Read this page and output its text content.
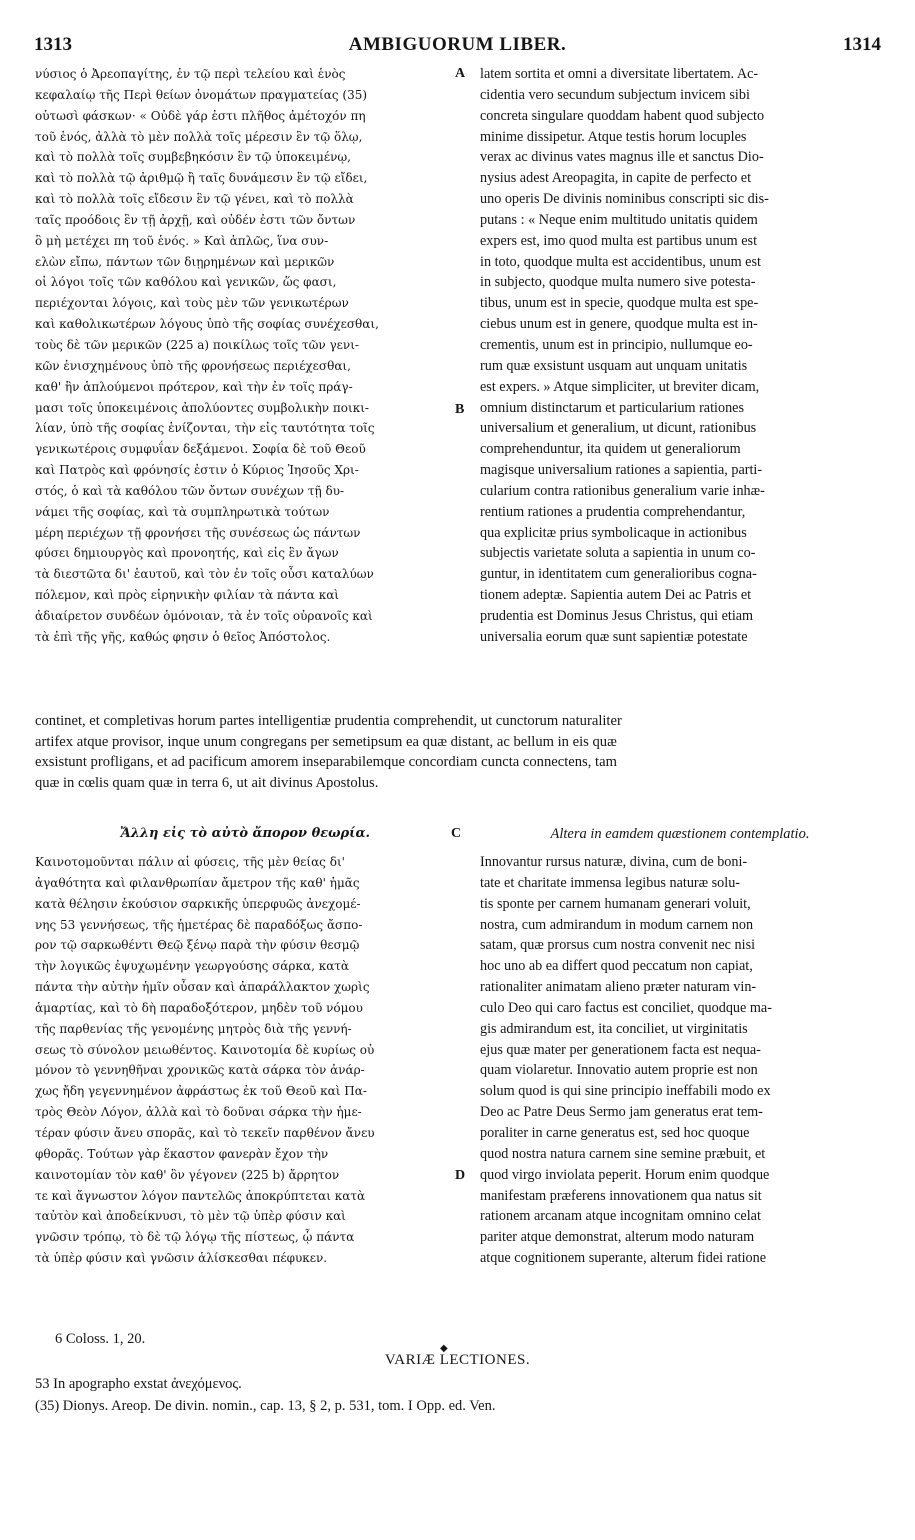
1313	AMBIGUORUM LIBER.	1314
νύσιος ὁ Ἀρεοπαγίτης, ἐν τῷ περὶ τελείου καὶ ἑνὸς
κεφαλαίῳ τῆς Περὶ θείων ὀνομάτων πραγματείας (35)
οὑτωσὶ φάσκων· « Οὐδὲ γάρ ἐστι πλῆθος ἀμέτοχόν πη
τοῦ ἑνός, ἀλλὰ τὸ μὲν πολλὰ τοῖς μέρεσιν ἓν τῷ ὅλῳ,
καὶ τὸ πολλὰ τοῖς συμβεβηκόσιν ἓν τῷ ὑποκειμένῳ,
καὶ τὸ πολλὰ τῷ ἀριθμῷ ἢ ταῖς δυνάμεσιν ἓν τῷ εἴδει,
καὶ τὸ πολλὰ τοῖς εἴδεσιν ἓν τῷ γένει, καὶ τὸ πολλὰ
ταῖς προόδοις ἓν τῇ ἀρχῇ, καὶ οὐδέν ἐστι τῶν ὄντων
ὃ μὴ μετέχει πη τοῦ ἑνός. » Καὶ ἁπλῶς, ἵνα συν-
ελὼν εἴπω, πάντων τῶν διῃρημένων καὶ μερικῶν
οἱ λόγοι τοῖς τῶν καθόλου καὶ γενικῶν, ὥς φασι,
περιέχονται λόγοις, καὶ τοὺς μὲν τῶν γενικωτέρων
καὶ καθολικωτέρων λόγους ὑπὸ τῆς σοφίας συνέχεσθαι,
τοὺς δὲ τῶν μερικῶν (225 a) ποικίλως τοῖς τῶν γενι-
κῶν ἐνισχημένους ὑπὸ τῆς φρονήσεως περιέχεσθαι,
καθ' ἣν ἁπλούμενοι πρότερον, καὶ τὴν ἐν τοῖς πράγ-
μασι τοῖς ὑποκειμένοις ἀπολύοντες συμβολικὴν ποικι-
λίαν, ὑπὸ τῆς σοφίας ἑνίζονται, τὴν εἰς ταυτότητα τοῖς
γενικωτέροις συμφυΐαν δεξάμενοι. Σοφία δὲ τοῦ Θεοῦ
καὶ Πατρὸς καὶ φρόνησίς ἐστιν ὁ Κύριος Ἰησοῦς Χρι-
στός, ὁ καὶ τὰ καθόλου τῶν ὄντων συνέχων τῇ δυ-
νάμει τῆς σοφίας, καὶ τὰ συμπληρωτικὰ τούτων
μέρη περιέχων τῇ φρονήσει τῆς συνέσεως ὡς πάντων
φύσει δημιουργὸς καὶ προνοητής, καὶ εἰς ἓν ἄγων
τὰ διεστῶτα δι' ἑαυτοῦ, καὶ τὸν ἐν τοῖς οὖσι καταλύων
πόλεμον, καὶ πρὸς εἰρηνικὴν φιλίαν τὰ πάντα καὶ
ἀδιαίρετον συνδέων ὁμόνοιαν, τὰ ἐν τοῖς οὐρανοῖς καὶ
τὰ ἐπὶ τῆς γῆς, καθώς φησιν ὁ θεῖος Ἀπόστολος.
latem sortita et omni a diversitate libertatem. Ac-
cidentia vero secundum subjectum invicem sibi
concreta singulare quoddam habent quod subjecto
minime dissipetur. Atque testis horum locuples
verax ac divinus vates magnus ille et sanctus Dio-
nysius adest Areopagita, in capite de perfecto et
uno operis De divinis nominibus conscripti sic dis-
putans : « Neque enim multitudo unitatis quidem
expers est, imo quod multa est partibus unum est
in toto, quodque multa est accidentibus, unum est
in subjecto, quodque multa numero sive potesta-
tibus, unum est in specie, quodque multa est spe-
ciebus unum est in genere, quodque multa est in-
crementis, unum est in principio, nullumque eo-
rum quæ exsistunt usquam aut unquam unitatis
est expers. » Atque simpliciter, ut breviter dicam,
omnium distinctarum et particularium rationes
universalium et generalium, ut dicunt, rationibus
comprehenduntur, ita quidem ut generaliorum
magisque universalium rationes a sapientia, parti-
cularium contra rationibus generalium varie inhæ-
rentium rationes a prudentia comprehendantur,
qua explicitæ prius symbolicaque in actionibus
subjectis varietate soluta a sapientia in unum co-
guntur, in identitatem cum generalioribus cogna-
tionem adeptæ. Sapientia autem Dei ac Patris et
prudentia est Dominus Jesus Christus, qui etiam
universalia eorum quæ sunt sapientiæ potestate
A
B
continet, et completivas horum partes intelligentiæ prudentia comprehendit, ut cunctorum naturaliter
artifex atque provisor, inque unum congregans per semetipsum ea quæ distant, ac bellum in eis quæ
exsistunt profligans, et ad pacificum amorem inseparabilemque concordiam cuncta connectens, tam
quæ in cœlis quam quæ in terra 6, ut ait divinus Apostolus.
Ἄλλη εἰς τὸ αὐτὸ ἄπορον θεωρία.	C	Altera in eamdem quæstionem contemplatio.
Καινοτομοῦνται πάλιν αἱ φύσεις, τῆς μὲν θείας δι'
ἀγαθότητα καὶ φιλανθρωπίαν ἄμετρον τῆς καθ' ἡμᾶς
κατὰ θέλησιν ἑκούσιον σαρκικῆς ὑπερφυῶς ἀνεχομέ-
νης 53 γεννήσεως, τῆς ἡμετέρας δὲ παραδόξως ἄσπο-
ρον τῷ σαρκωθέντι Θεῷ ξένῳ παρὰ τὴν φύσιν θεσμῷ
τὴν λογικῶς ἐψυχωμένην γεωργούσης σάρκα, κατὰ
πάντα τὴν αὐτὴν ἡμῖν οὖσαν καὶ ἀπαράλλακτον χωρὶς
ἁμαρτίας, καὶ τὸ δὴ παραδοξότερον, μηδὲν τοῦ νόμου
τῆς παρθενίας τῆς γενομένης μητρὸς διὰ τῆς γεννή-
σεως τὸ σύνολον μειωθέντος. Καινοτομία δὲ κυρίως οὐ
μόνον τὸ γεννηθῆναι χρονικῶς κατὰ σάρκα τὸν ἀνάρ-
χως ἤδη γεγεννημένον ἀφράστως ἐκ τοῦ Θεοῦ καὶ Πα-
τρὸς Θεὸν Λόγον, ἀλλὰ καὶ τὸ δοῦναι σάρκα τὴν ἡμε-
τέραν φύσιν ἄνευ σπορᾶς, καὶ τὸ τεκεῖν παρθένον ἄνευ
φθορᾶς. Τούτων γὰρ ἕκαστον φανερὰν ἔχον τὴν
καινοτομίαν τὸν καθ' ὃν γέγονεν (225 b) ἄρρητον
τε καὶ ἄγνωστον λόγον παντελῶς ἀποκρύπτεται κατὰ
ταὐτὸν καὶ ἀποδείκνυσι, τὸ μὲν τῷ ὑπὲρ φύσιν καὶ
γνῶσιν τρόπῳ, τὸ δὲ τῷ λόγῳ τῆς πίστεως, ᾧ πάντα
τὰ ὑπὲρ φύσιν καὶ γνῶσιν ἁλίσκεσθαι πέφυκεν.
Innovantur rursus naturæ, divina, cum de boni-
tate et charitate immensa legibus naturæ solu-
tis sponte per carnem humanam generari voluit,
nostra, cum admirandum in modum carnem non
satam, quæ prorsus cum nostra convenit nec nisi
hoc uno ab ea differt quod peccatum non capiat,
rationaliter animatam alieno præter naturam vin-
culo Deo qui caro factus est conciliet, quodque ma-
gis admirandum est, ita conciliet, ut virginitatis
ejus quæ mater per generationem facta est nequa-
quam violaretur. Innovatio autem proprie est non
solum quod is qui sine principio ineffabili modo ex
Deo ac Patre Deus Sermo jam generatus erat tem-
poraliter in carne generatus est, sed hoc quoque
quod nostra natura carnem sine semine præbuit, et
quod virgo inviolata peperit. Horum enim quodque
manifestam præferens innovationem qua natus sit
rationem arcanam atque incognitam omnino celat
pariter atque demonstrat, alterum modo naturam
atque cognitionem superante, alterum fidei ratione
D
6 Coloss. 1, 20.
◆
VARIÆ LECTIONES.
53 In apographo exstat ἀνεχόμενος.
(35) Dionys. Areop. De divin. nomin., cap. 13, § 2, p. 531, tom. I Opp. ed. Ven.
